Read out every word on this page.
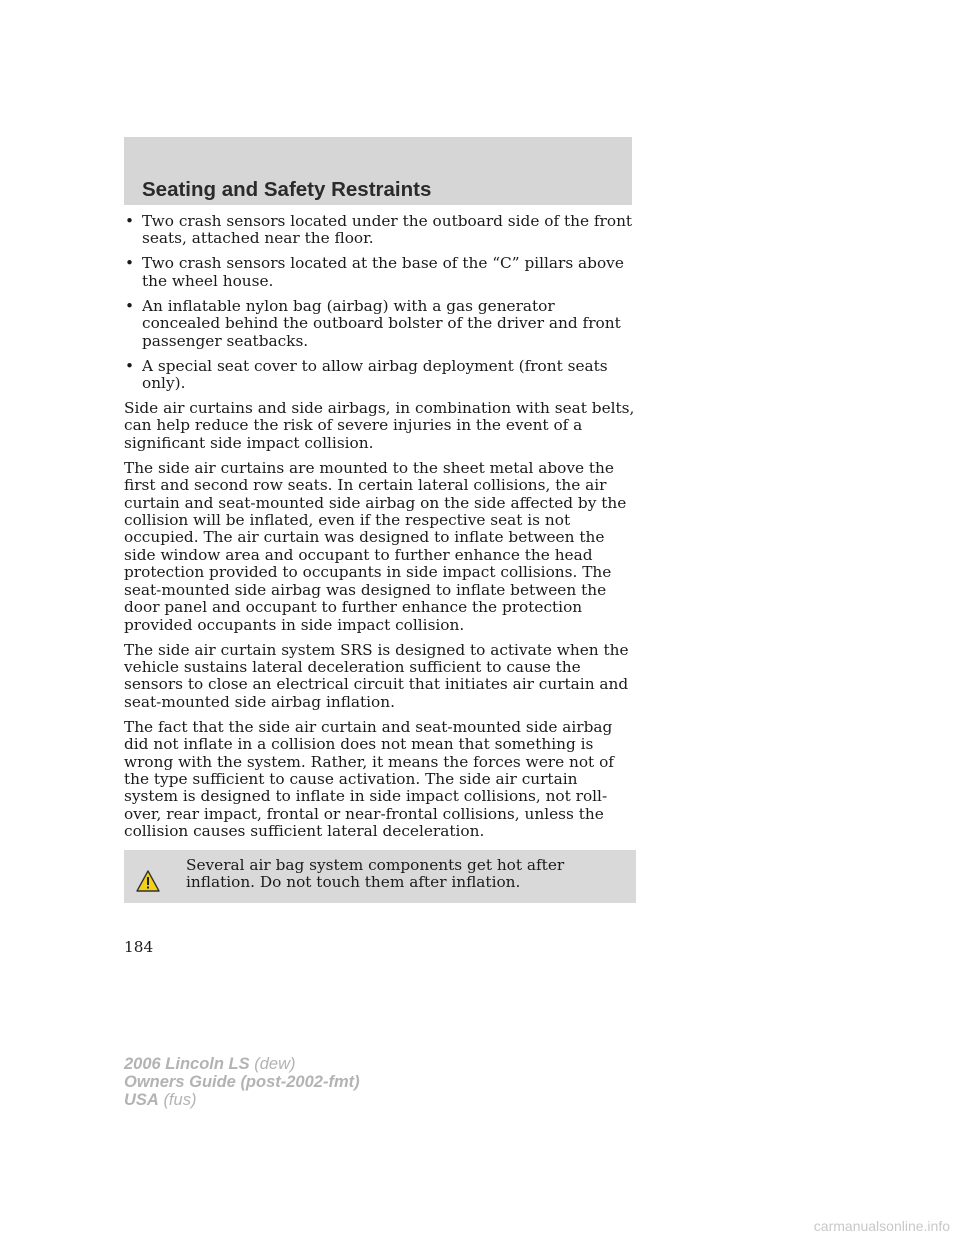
Seating and Safety Restraints
• Two crash sensors located under the outboard side of the front seats, attached near the floor.
• Two crash sensors located at the base of the “C” pillars above the wheel house.
• An inflatable nylon bag (airbag) with a gas generator concealed behind the outboard bolster of the driver and front passenger seatbacks.
• A special seat cover to allow airbag deployment (front seats only).

Side air curtains and side airbags, in combination with seat belts, can help reduce the risk of severe injuries in the event of a significant side impact collision.

The side air curtains are mounted to the sheet metal above the first and second row seats. In certain lateral collisions, the air curtain and seat-mounted side airbag on the side affected by the collision will be inflated, even if the respective seat is not occupied. The air curtain was designed to inflate between the side window area and occupant to further enhance the head protection provided to occupants in side impact collisions. The seat-mounted side airbag was designed to inflate between the door panel and occupant to further enhance the protection provided occupants in side impact collision.

The side air curtain system SRS is designed to activate when the vehicle sustains lateral deceleration sufficient to cause the sensors to close an electrical circuit that initiates air curtain and seat-mounted side airbag inflation.

The fact that the side air curtain and seat-mounted side airbag did not inflate in a collision does not mean that something is wrong with the system. Rather, it means the forces were not of the type sufficient to cause activation. The side air curtain system is designed to inflate in side impact collisions, not roll-over, rear impact, frontal or near-frontal collisions, unless the collision causes sufficient lateral deceleration.

Several air bag system components get hot after inflation. Do not touch them after inflation.
184
2006 Lincoln LS (dew)
Owners Guide (post-2002-fmt)
USA (fus)
carmanualsonline.info
